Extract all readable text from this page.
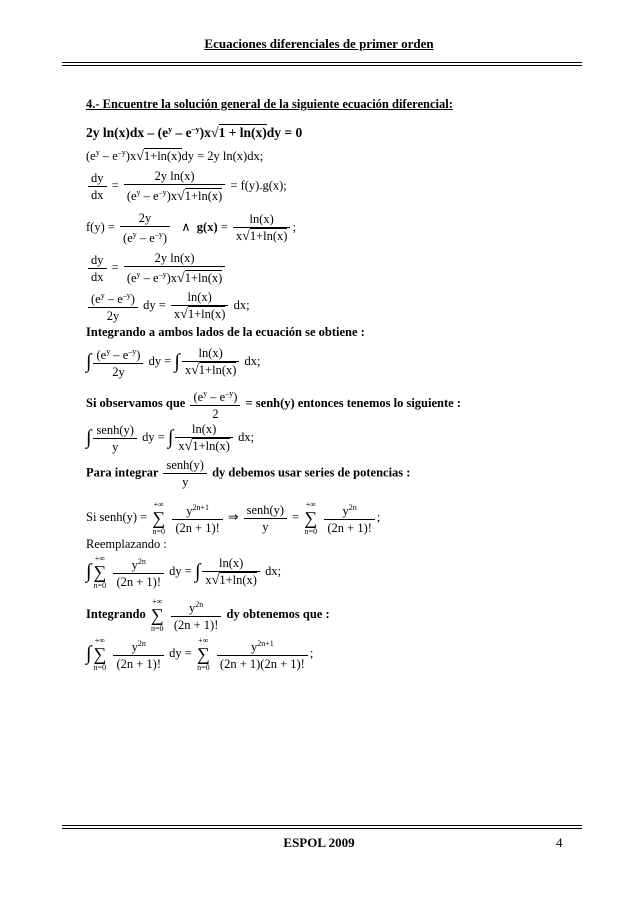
Ecuaciones diferenciales de primer orden
4.- Encuentre la solución general de la siguiente ecuación diferencial:
2y $\ln(x)dx - (e^y - e^{-y})x√1 + \ln(x)dy = 0$
$(e^y - e^{-y})x√1+\ln(x)dy = 2y$ ln(x)dx;
$\frac{dy}{dx} = \frac{\text{2y ln(x)}}{(e^y - e^{-y})x√1+\ln(x)} = f(y).g(x)$;
$f(y) = \frac{2y}{(e^y - e^{-y})}$ ∧  $g(x) = \frac{\ln(x)}{x√1+\ln(x)}$ ;
$\frac{dy}{dx} = \frac{\text{2y ln(x)}}{(e^y - e^{-y})x√1+\ln(x)}$
$\frac{(e^y - e^{-y})}{2y}$ dy = $\frac{\ln(x)}{x√1+\ln(x)}$ dx;
Integrando a ambos lados de la ecuación se obtiene :
∫ $\frac{(e^y - e^{-y})}{2y}$ dy = ∫ $\frac{\ln(x)}{x√1+\ln(x)}$ dx;
Si observamos que $\frac{(e^y - e^{-y})}{2}$ = senh(y) entonces tenemos lo siguiente :
∫ $\frac{\text{senh(y)}}{y}$ dy = ∫ $\frac{\ln(x)}{x√1+\ln(x)}$ dx;
Para integrar $\frac{\text{senh(y)}}{y}$ dy debemos usar series de potencias :
Si senh(y) = +∞
∑
$n=0 \frac{y^{2n+1}}{(2n + 1)!}$ ⇒ $\frac{\text{senh(y)}}{y}$ = +∞
∑
$n=0 \frac{y^{2n}}{(2n + 1)!}$ ;
Reemplazando :
∫+∞
∑
$n=0 \frac{y^{2n}}{(2n + 1)!}$ dy = ∫ $\frac{\ln(x)}{x√1+\ln(x)}$ dx;
Integrando +∞
∑
$n=0 \frac{y^{2n}}{(2n + 1)!}$ dy obtenemos que :
∫+∞
∑
$n=0 \frac{y^{2n}}{(2n + 1)!}$ dy = +∞
∑
$n=0 \frac{y^{2n+1}}{(2n + 1)(2n + 1)!}$ ;
ESPOL 2009	4
